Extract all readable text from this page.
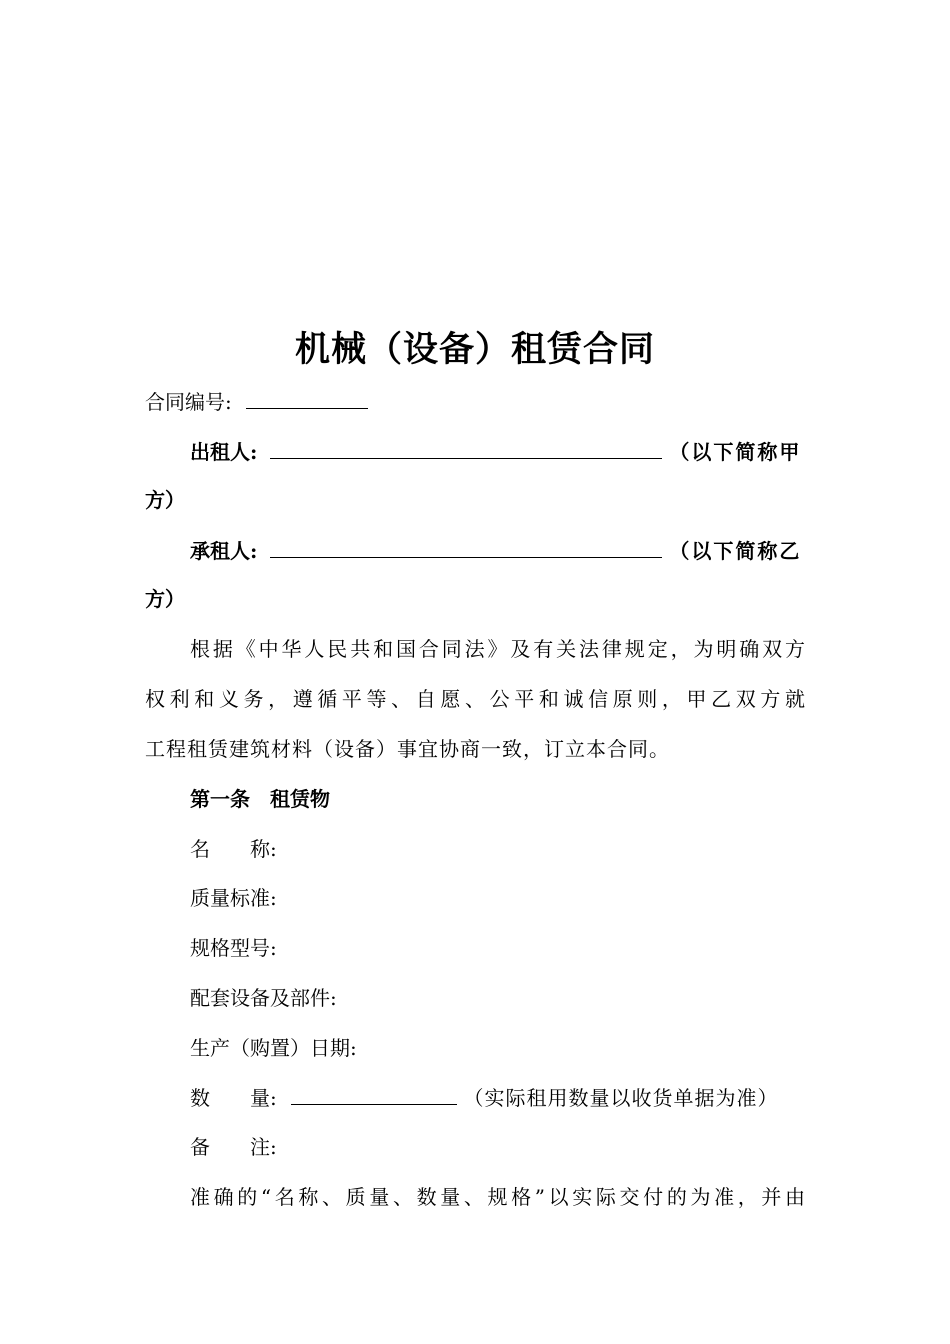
机械（设备）租赁合同
合同编号:
出租人:	（以下简称甲
方）
承租人:	（以下简称乙
方）
根据《中华人民共和国合同法》及有关法律规定，为明确双方
权利和义务，遵循平等、自愿、公平和诚信原则，甲乙双方就
工程租赁建筑材料（设备）事宜协商一致，订立本合同。
第一条　租赁物
名　　称:
质量标准:
规格型号:
配套设备及部件:
生产（购置）日期:
数　　量:	（实际租用数量以收货单据为准）
备　　注:
准确的“名称、质量、数量、规格”以实际交付的为准，并由
